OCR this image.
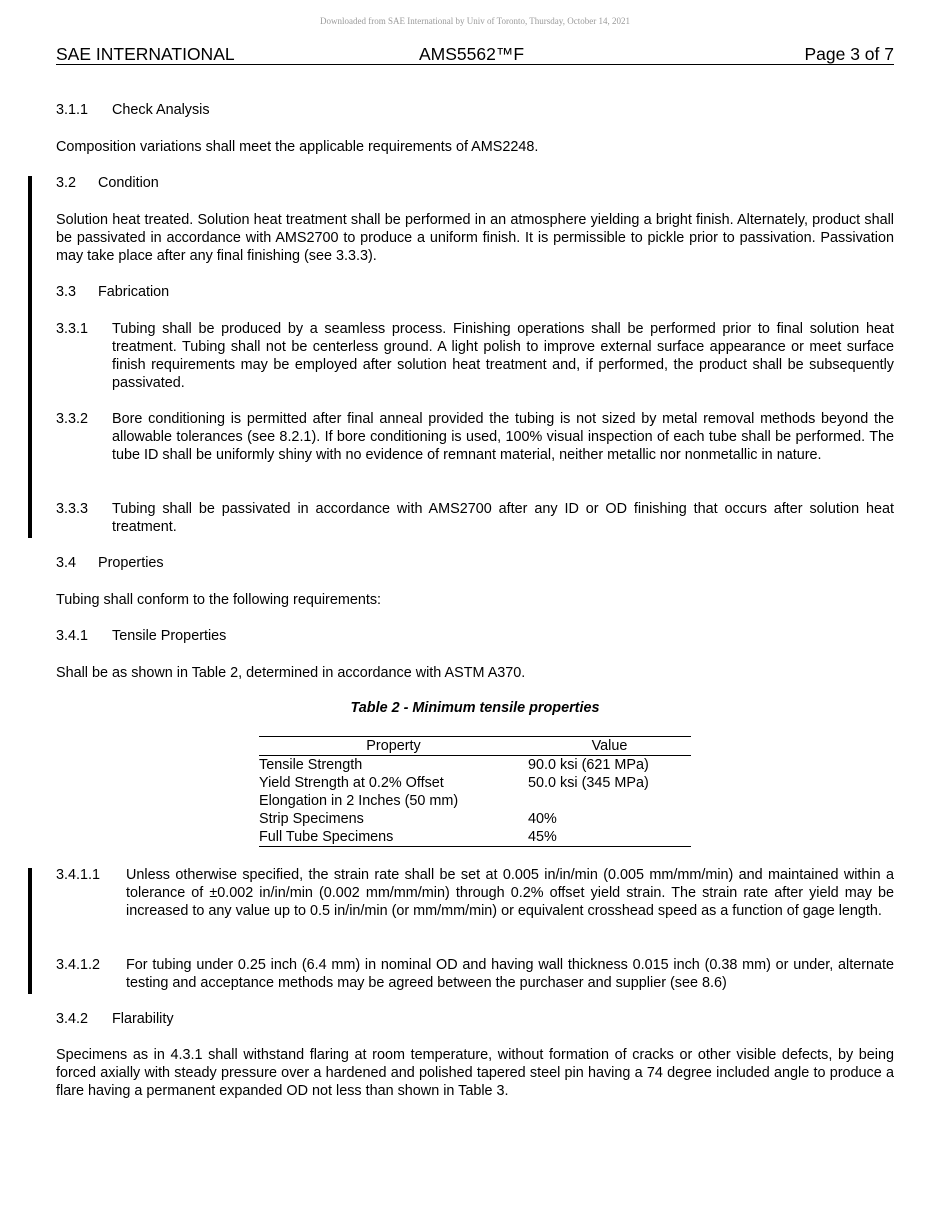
Downloaded from SAE International by Univ of Toronto, Thursday, October 14, 2021
SAE INTERNATIONAL	AMS5562™F	Page 3 of 7
3.1.1 Check Analysis
Composition variations shall meet the applicable requirements of AMS2248.
3.2 Condition
Solution heat treated. Solution heat treatment shall be performed in an atmosphere yielding a bright finish. Alternately, product shall be passivated in accordance with AMS2700 to produce a uniform finish. It is permissible to pickle prior to passivation. Passivation may take place after any final finishing (see 3.3.3).
3.3 Fabrication
3.3.1 Tubing shall be produced by a seamless process. Finishing operations shall be performed prior to final solution heat treatment. Tubing shall not be centerless ground. A light polish to improve external surface appearance or meet surface finish requirements may be employed after solution heat treatment and, if performed, the product shall be subsequently passivated.
3.3.2 Bore conditioning is permitted after final anneal provided the tubing is not sized by metal removal methods beyond the allowable tolerances (see 8.2.1). If bore conditioning is used, 100% visual inspection of each tube shall be performed. The tube ID shall be uniformly shiny with no evidence of remnant material, neither metallic nor nonmetallic in nature.
3.3.3 Tubing shall be passivated in accordance with AMS2700 after any ID or OD finishing that occurs after solution heat treatment.
3.4 Properties
Tubing shall conform to the following requirements:
3.4.1 Tensile Properties
Shall be as shown in Table 2, determined in accordance with ASTM A370.
Table 2 - Minimum tensile properties
Property	Value
Tensile Strength	90.0 ksi (621 MPa)
Yield Strength at 0.2% Offset	50.0 ksi (345 MPa)
Elongation in 2 Inches (50 mm)	
Strip Specimens	40%
Full Tube Specimens	45%
3.4.1.1 Unless otherwise specified, the strain rate shall be set at 0.005 in/in/min (0.005 mm/mm/min) and maintained within a tolerance of ±0.002 in/in/min (0.002 mm/mm/min) through 0.2% offset yield strain. The strain rate after yield may be increased to any value up to 0.5 in/in/min (or mm/mm/min) or equivalent crosshead speed as a function of gage length.
3.4.1.2 For tubing under 0.25 inch (6.4 mm) in nominal OD and having wall thickness 0.015 inch (0.38 mm) or under, alternate testing and acceptance methods may be agreed between the purchaser and supplier (see 8.6)
3.4.2 Flarability
Specimens as in 4.3.1 shall withstand flaring at room temperature, without formation of cracks or other visible defects, by being forced axially with steady pressure over a hardened and polished tapered steel pin having a 74 degree included angle to produce a flare having a permanent expanded OD not less than shown in Table 3.
